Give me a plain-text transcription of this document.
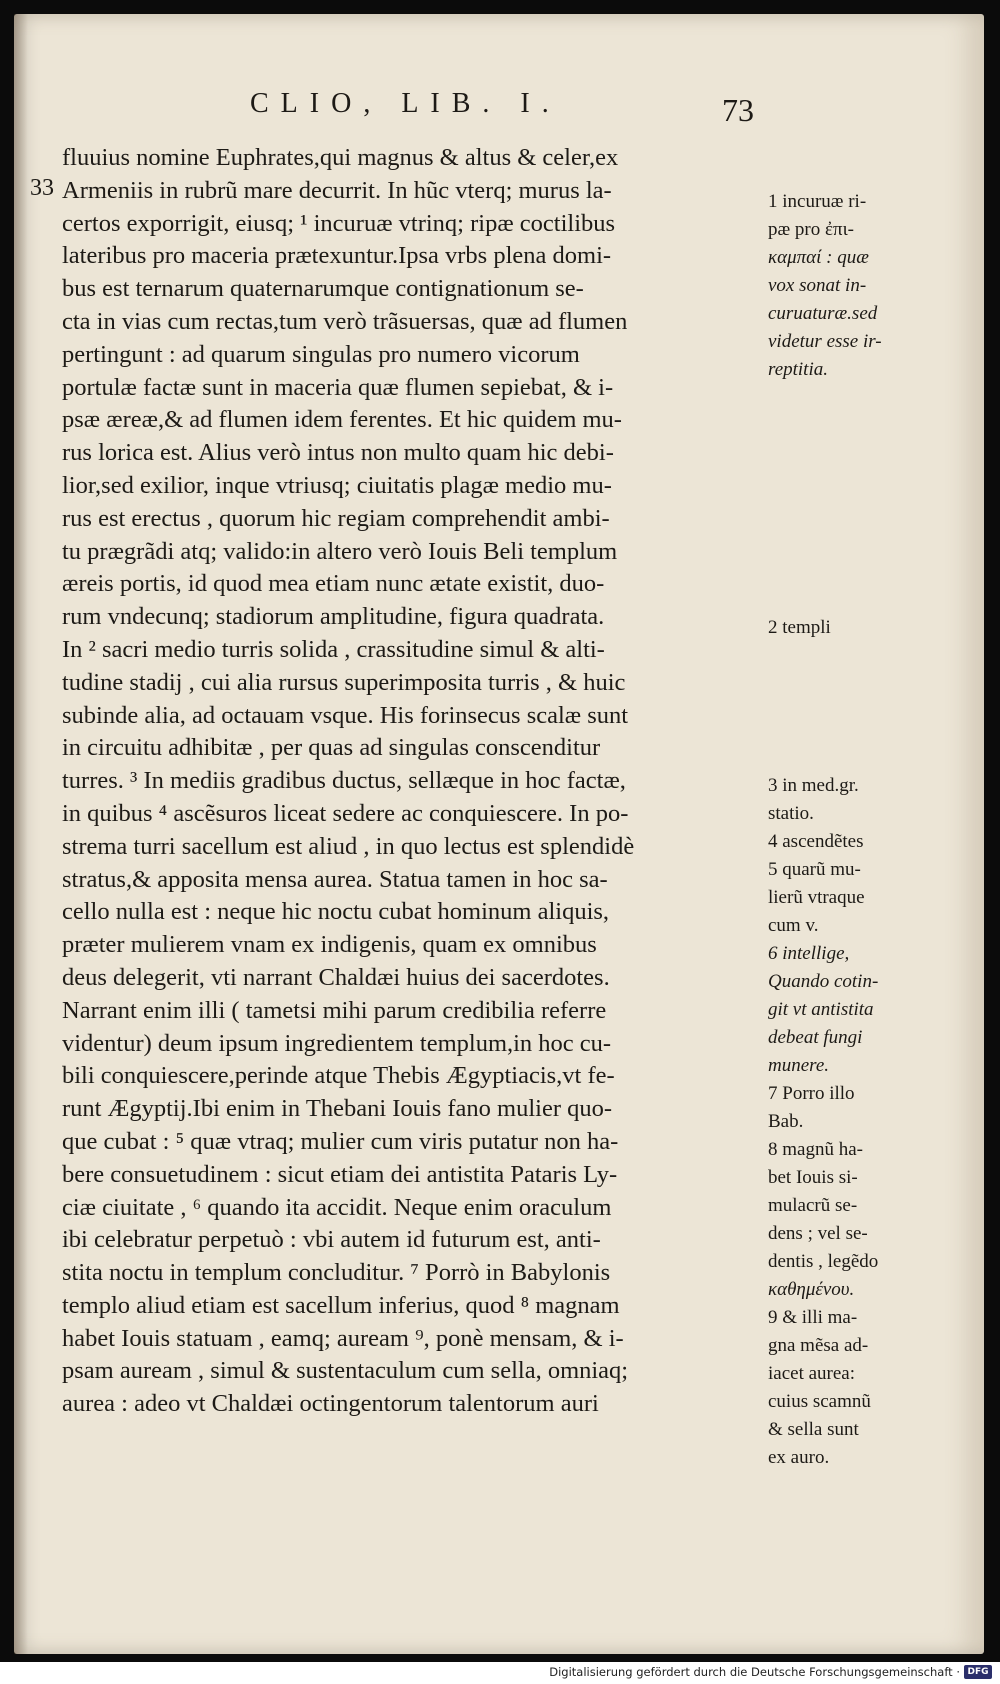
CLIO, LIB. I.	73
33
fluuius nomine Euphrates,qui magnus & altus & celer,ex
Armeniis in rubrũ mare decurrit. In hũc vterq; murus la-
certos exporrigit, eiusq; ¹ incuruæ vtrinq; ripæ coctilibus
lateribus pro maceria prætexuntur.Ipsa vrbs plena domi-
bus est ternarum quaternarumque contignationum se-
cta in vias cum rectas,tum verò trãsuersas, quæ ad flumen
pertingunt : ad quarum singulas pro numero vicorum
portulæ factæ sunt in maceria quæ flumen sepiebat, & i-
psæ æreæ,& ad flumen idem ferentes. Et hic quidem mu-
rus lorica est. Alius verò intus non multo quam hic debi-
lior,sed exilior, inque vtriusq; ciuitatis plagæ medio mu-
rus est erectus , quorum hic regiam comprehendit ambi-
tu prægrãdi atq; valido:in altero verò Iouis Beli templum
æreis portis, id quod mea etiam nunc ætate existit, duo-
rum vndecunq; stadiorum amplitudine, figura quadrata.
In ² sacri medio turris solida , crassitudine simul & alti-
tudine stadij , cui alia rursus superimposita turris , & huic
subinde alia, ad octauam vsque. His forinsecus scalæ sunt
in circuitu adhibitæ , per quas ad singulas conscenditur
turres. ³ In mediis gradibus ductus, sellæque in hoc factæ,
in quibus ⁴ ascẽsuros liceat sedere ac conquiescere. In po-
strema turri sacellum est aliud , in quo lectus est splendidè
stratus,& apposita mensa aurea. Statua tamen in hoc sa-
cello nulla est : neque hic noctu cubat hominum aliquis,
præter mulierem vnam ex indigenis, quam ex omnibus
deus delegerit, vti narrant Chaldæi huius dei sacerdotes.
Narrant enim illi ( tametsi mihi parum credibilia referre
videntur) deum ipsum ingredientem templum,in hoc cu-
bili conquiescere,perinde atque Thebis Ægyptiacis,vt fe-
runt Ægyptij.Ibi enim in Thebani Iouis fano mulier quo-
que cubat : ⁵ quæ vtraq; mulier cum viris putatur non ha-
bere consuetudinem : sicut etiam dei antistita Pataris Ly-
ciæ ciuitate , ⁶ quando ita accidit. Neque enim oraculum
ibi celebratur perpetuò : vbi autem id futurum est, anti-
stita noctu in templum concluditur. ⁷ Porrò in Babylonis
templo aliud etiam est sacellum inferius, quod ⁸ magnam
habet Iouis statuam , eamq; auream ⁹, ponè mensam, & i-
psam auream , simul & sustentaculum cum sella, omniaq;
aurea : adeo vt Chaldæi octingentorum talentorum auri
1 incuruæ ri-
pæ pro ἐπι-
καμπαί : quæ
vox sonat in-
curuaturæ.sed
videtur esse ir-
reptitia.
2 templi
3 in med.gr.
statio.
4 ascendẽtes
5 quarũ mu-
lierũ vtraque
cum v.
6 intellige,
Quando cotin-
git vt antistita
debeat fungi
munere.
7 Porro illo
Bab.
8 magnũ ha-
bet Iouis si-
mulacrũ se-
dens ; vel se-
dentis , legẽdo
καθημένου.
9 & illi ma-
gna mẽsa ad-
iacet aurea:
cuius scamnũ
& sella sunt
ex auro.
Digitalisierung gefördert durch die Deutsche Forschungsgemeinschaft · DFG
